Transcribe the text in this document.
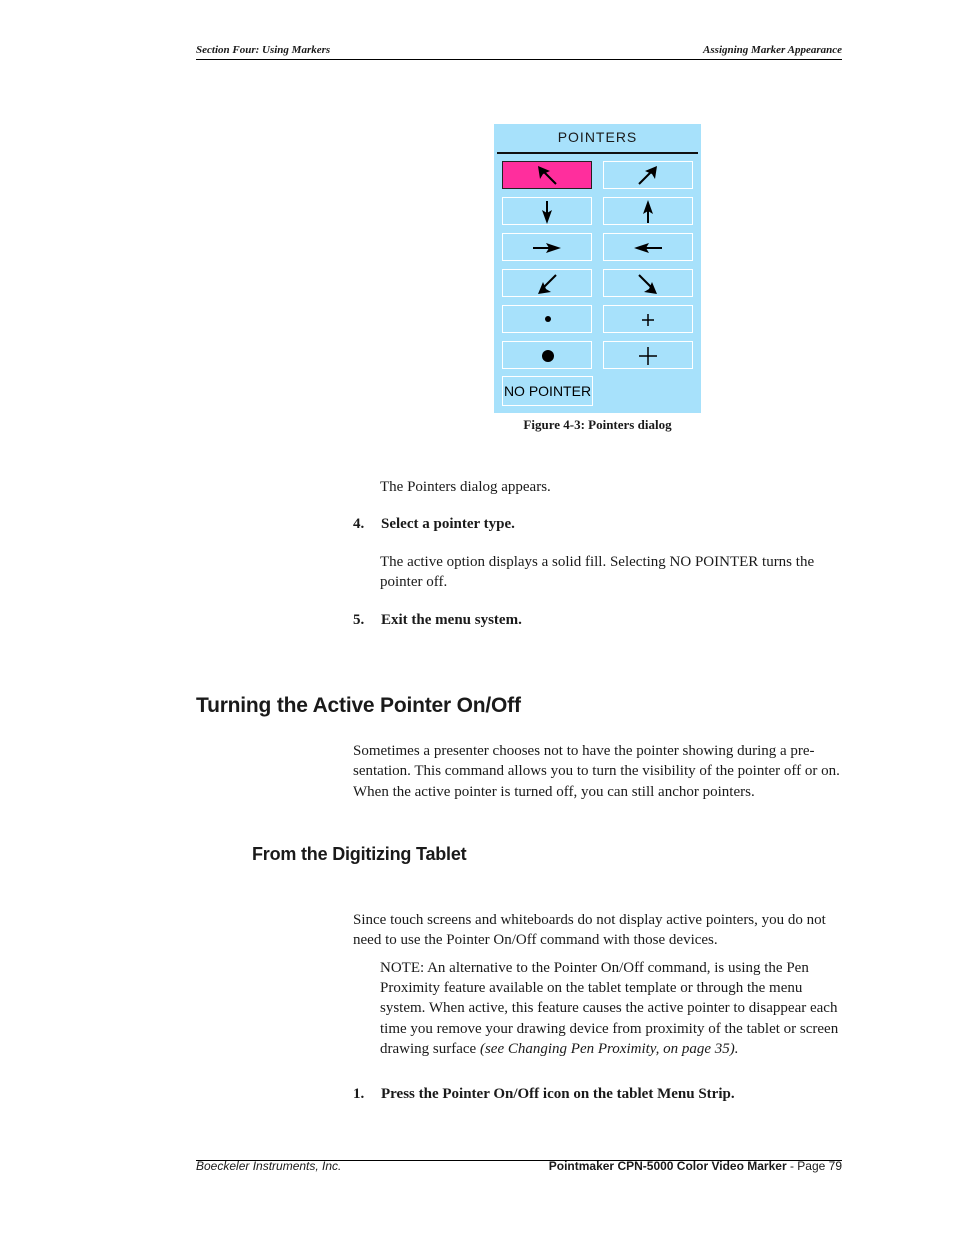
Section Four: Using Markers	Assigning Marker Appearance
POINTERS
NO POINTER
Figure 4-3: Pointers dialog
The Pointers dialog appears.
4. Select a pointer type.
The active option displays a solid fill. Selecting NO POINTER turns the
pointer off.
5. Exit the menu system.
Turning the Active Pointer On/Off
Sometimes a presenter chooses not to have the pointer showing during a pre-
sentation. This command allows you to turn the visibility of the pointer off or on.
When the active pointer is turned off, you can still anchor pointers.
From the Digitizing Tablet
Since touch screens and whiteboards do not display active pointers, you do not
need to use the Pointer On/Off command with those devices.
NOTE: An alternative to the Pointer On/Off command, is using the Pen
Proximity feature available on the tablet template or through the menu
system. When active, this feature causes the active pointer to disappear each
time you remove your drawing device from proximity of the tablet or screen
drawing surface (see Changing Pen Proximity, on page 35).
1. Press the Pointer On/Off icon on the tablet Menu Strip.
Boeckeler Instruments, Inc.	Pointmaker CPN-5000 Color Video Marker - Page 79
